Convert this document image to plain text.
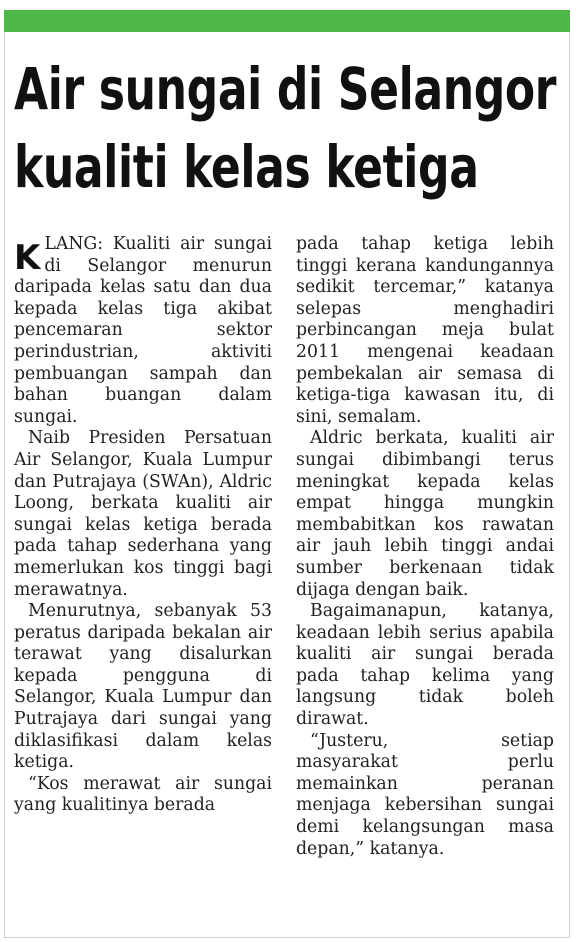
Air sungai di Selangor
kualiti kelas ketiga

KLANG: Kualiti air sungai di Selangor menurun daripada kelas satu dan dua kepada kelas tiga akibat pencemaran sektor perindustrian, aktiviti pembuangan sampah dan bahan buangan dalam sungai.

Naib Presiden Persatuan Air Selangor, Kuala Lumpur dan Putrajaya (SWAn), Aldric Loong, berkata kualiti air sungai kelas ketiga berada pada tahap sederhana yang memerlukan kos tinggi bagi merawatnya.

Menurutnya, sebanyak 53 peratus daripada bekalan air terawat yang disalurkan kepada pengguna di Selangor, Kuala Lumpur dan Putrajaya dari sungai yang diklasifikasi dalam kelas ketiga.

“Kos merawat air sungai yang kualitinya berada

pada tahap ketiga lebih tinggi kerana kandungannya sedikit tercemar,” katanya selepas menghadiri perbincangan meja bulat 2011 mengenai keadaan pembekalan air semasa di ketiga-tiga kawasan itu, di sini, semalam.

Aldric berkata, kualiti air sungai dibimbangi terus meningkat kepada kelas empat hingga mungkin membabitkan kos rawatan air jauh lebih tinggi andai sumber berkenaan tidak dijaga dengan baik.

Bagaimanapun, katanya, keadaan lebih serius apabila kualiti air sungai berada pada tahap kelima yang langsung tidak boleh dirawat.

“Justeru, setiap masyarakat perlu memainkan peranan menjaga kebersihan sungai demi kelangsungan masa depan,” katanya.
